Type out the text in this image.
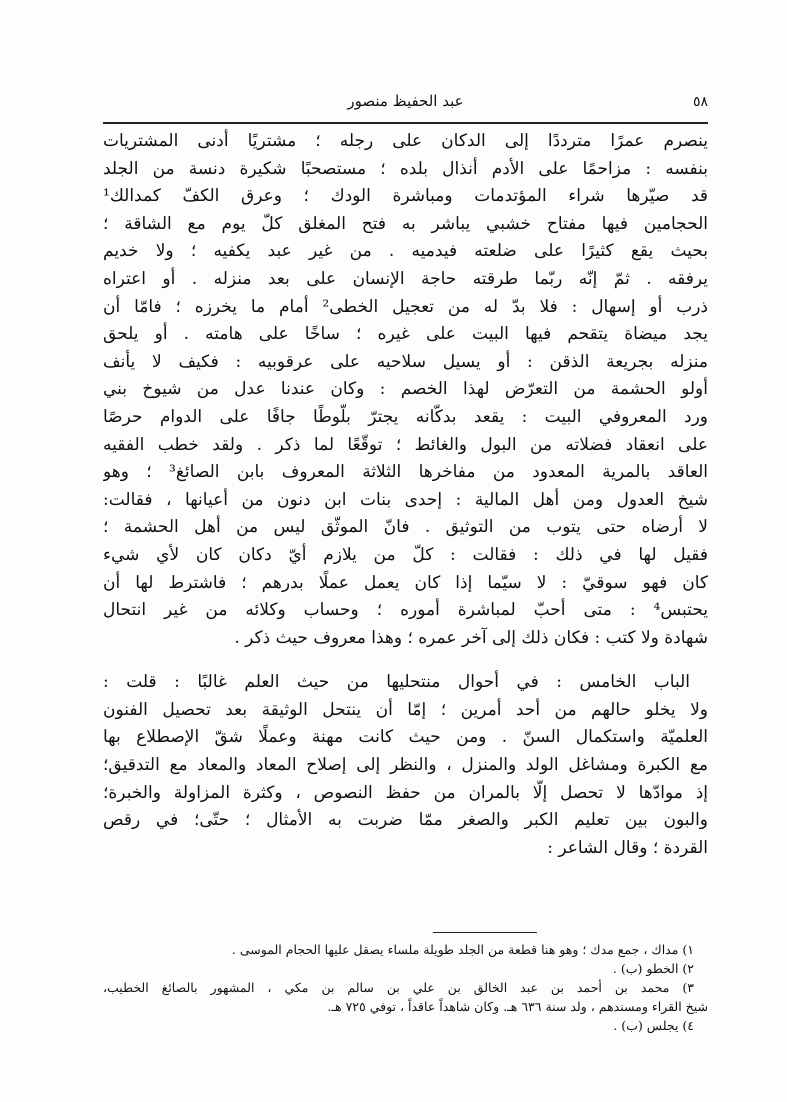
عبد الحفيظ منصور	٥٨
ينصرم عمرًا مترددًا إلى الدكان على رجله ؛ مشتريًا أدنى المشتريات
بنفسه : مزاحمًا على الأدم أنذال بلده ؛ مستصحبًا شكيرة دنسة من الجلد
قد صيّرها شراء المؤتدمات ومباشرة الودك ؛ وعرق الكفّ كمدالك¹
الحجامين فيها مفتاح خشبي يباشر به فتح المغلق كلّ يوم مع الشاقة ؛
بحيث يقع كثيرًا على ضلعته فيدميه . من غير عبد يكفيه ؛ ولا خديم
يرفقه . ثمّ إنّه ربّما طرقته حاجة الإنسان على بعد منزله . أو اعتراه
ذرب أو إسهال : فلا بدّ له من تعجيل الخطى² أمام ما يخرزه ؛ فامّا أن
يجد ميضاة يتقحم فيها البيت على غيره ؛ ساخًا على هامته . أو يلحق
منزله بجريعة الذقن : أو يسيل سلاحيه على عرقوبيه : فكيف لا يأنف
أولو الحشمة من التعرّض لهذا الخصم : وكان عندنا عدل من شيوخ بني
ورد المعروفي البيت : يقعد بدكّانه يجترّ بلّوطًا جافًا على الدوام حرصًا
على انعقاد فضلاته من البول والغائط ؛ توقّعًا لما ذكر . ولقد خطب الفقيه
العاقد بالمرية المعدود من مفاخرها الثلاثة المعروف بابن الصائغ³ ؛ وهو
شيخ العدول ومن أهل المالية : إحدى بنات ابن دنون من أعيانها ، فقالت:
لا أرضاه حتى يتوب من التوثيق . فانّ الموثّق ليس من أهل الحشمة ؛
فقيل لها في ذلك : فقالت : كلّ من يلازم أيّ دكان كان لأي شيء
كان فهو سوقيّ : لا سيّما إذا كان يعمل عملًا بدرهم ؛ فاشترط لها أن
يحتبس⁴ : متى أحبّ لمباشرة أموره ؛ وحساب وكلائه من غير انتحال
شهادة ولا كتب : فكان ذلك إلى آخر عمره ؛ وهذا معروف حيث ذكر .
الباب الخامس : في أحوال منتحليها من حيث العلم غالبًا : قلت :
ولا يخلو حالهم من أحد أمرين ؛ إمّا أن ينتحل الوثيقة بعد تحصيل الفنون
العلميّة واستكمال السنّ . ومن حيث كانت مهنة وعملًا شقّ الإصطلاع بها
مع الكبرة ومشاغل الولد والمنزل ، والنظر إلى إصلاح المعاد والمعاد مع التدقيق؛
إذ موادّها لا تحصل إلّا بالمران من حفظ النصوص ، وكثرة المزاولة والخبرة؛
والبون بين تعليم الكبر والصغر ممّا ضربت به الأمثال ؛ حتّى؛ في رقص
القردة ؛ وقال الشاعر :
١) مداك ، جمع مدك ؛ وهو هنا قطعة من الجلد طويلة ملساء يصقل عليها الحجام الموسى .
٢) الخطو (ب) .
٣) محمد بن أحمد بن عبد الخالق بن علي بن سالم بن مكي ، المشهور بالصائغ الخطيب،
شيخ القراء ومسندهم ، ولد سنة ٦٣٦ هـ. وكان شاهداً عاقداً ، توفي ٧٢٥ هـ.
٤) يجلس (ب) .
